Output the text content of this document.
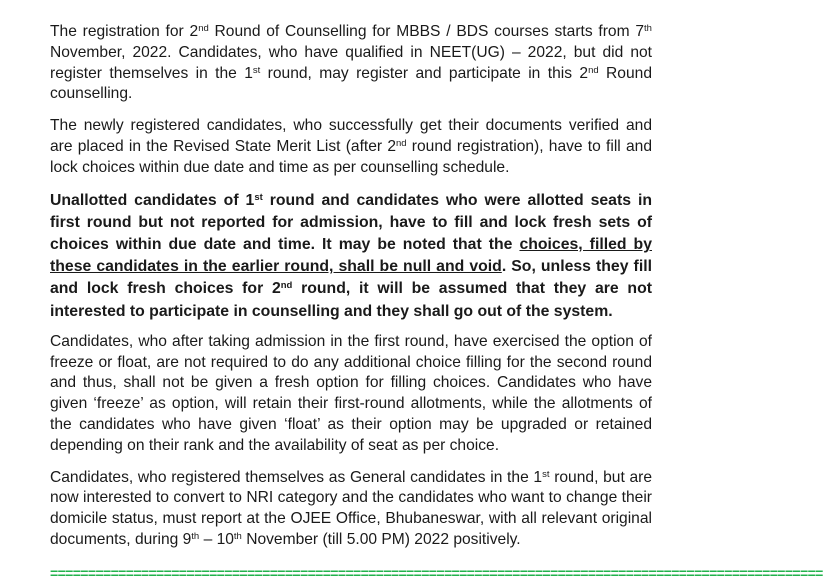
The registration for 2nd Round of Counselling for MBBS / BDS courses starts from 7th November, 2022. Candidates, who have qualified in NEET(UG) – 2022, but did not register themselves in the 1st round, may register and participate in this 2nd Round counselling.

The newly registered candidates, who successfully get their documents verified and are placed in the Revised State Merit List (after 2nd round registration), have to fill and lock choices within due date and time as per counselling schedule.

Unallotted candidates of 1st round and candidates who were allotted seats in first round but not reported for admission, have to fill and lock fresh sets of choices within due date and time. It may be noted that the choices, filled by these candidates in the earlier round, shall be null and void. So, unless they fill and lock fresh choices for 2nd round, it will be assumed that they are not interested to participate in counselling and they shall go out of the system.

Candidates, who after taking admission in the first round, have exercised the option of freeze or float, are not required to do any additional choice filling for the second round and thus, shall not be given a fresh option for filling choices. Candidates who have given ‘freeze’ as option, will retain their first-round allotments, while the allotments of the candidates who have given ‘float’ as their option may be upgraded or retained depending on their rank and the availability of seat as per choice.

Candidates, who registered themselves as General candidates in the 1st round, but are now interested to convert to NRI category and the candidates who want to change their domicile status, must report at the OJEE Office, Bhubaneswar, with all relevant original documents, during 9th – 10th November (till 5.00 PM) 2022 positively.

======================================================================================================
